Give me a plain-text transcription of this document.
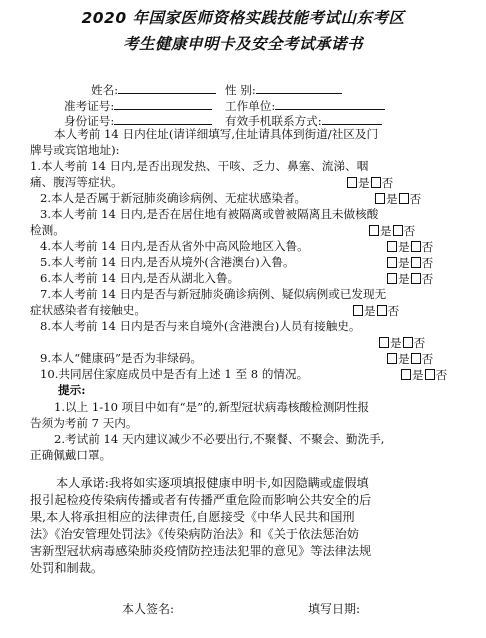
2020 年国家医师资格实践技能考试山东考区
考生健康申明卡及安全考试承诺书
姓名:	性 别:
准考证号:	工作单位:
身份证号:	有效手机联系方式:
本人考前 14 日内住址(请详细填写,住址请具体到街道/社区及门
牌号或宾馆地址):
1.本人考前 14 日内,是否出现发热、干咳、乏力、鼻塞、流涕、咽
痛、腹泻等症状。	是 否
2.本人是否属于新冠肺炎确诊病例、无症状感染者。	是 否
3.本人考前 14 日内,是否在居住地有被隔离或曾被隔离且未做核酸
检测。	是 否
4.本人考前 14 日内,是否从省外中高风险地区入鲁。	是 否
5.本人考前 14 日内,是否从境外(含港澳台)入鲁。	是 否
6.本人考前 14 日内,是否从湖北入鲁。	是 否
7.本人考前 14 日内是否与新冠肺炎确诊病例、疑似病例或已发现无
症状感染者有接触史。	是 否
8.本人考前 14 日内是否与来自境外(含港澳台)人员有接触史。
是 否
9.本人“健康码”是否为非绿码。	是 否
10.共同居住家庭成员中是否有上述 1 至 8 的情况。	是 否
提示:
1.以上 1-10 项目中如有“是”的,新型冠状病毒核酸检测阴性报
告须为考前 7 天内。
2.考试前 14 天内建议减少不必要出行,不聚餐、不聚会、勤洗手,
正确佩戴口罩。
本人承诺:我将如实逐项填报健康申明卡,如因隐瞒或虚假填
报引起检疫传染病传播或者有传播严重危险而影响公共安全的后
果,本人将承担相应的法律责任,自愿接受《中华人民共和国刑
法》《治安管理处罚法》《传染病防治法》和《关于依法惩治妨
害新型冠状病毒感染肺炎疫情防控违法犯罪的意见》等法律法规
处罚和制裁。
本人签名:	填写日期:
